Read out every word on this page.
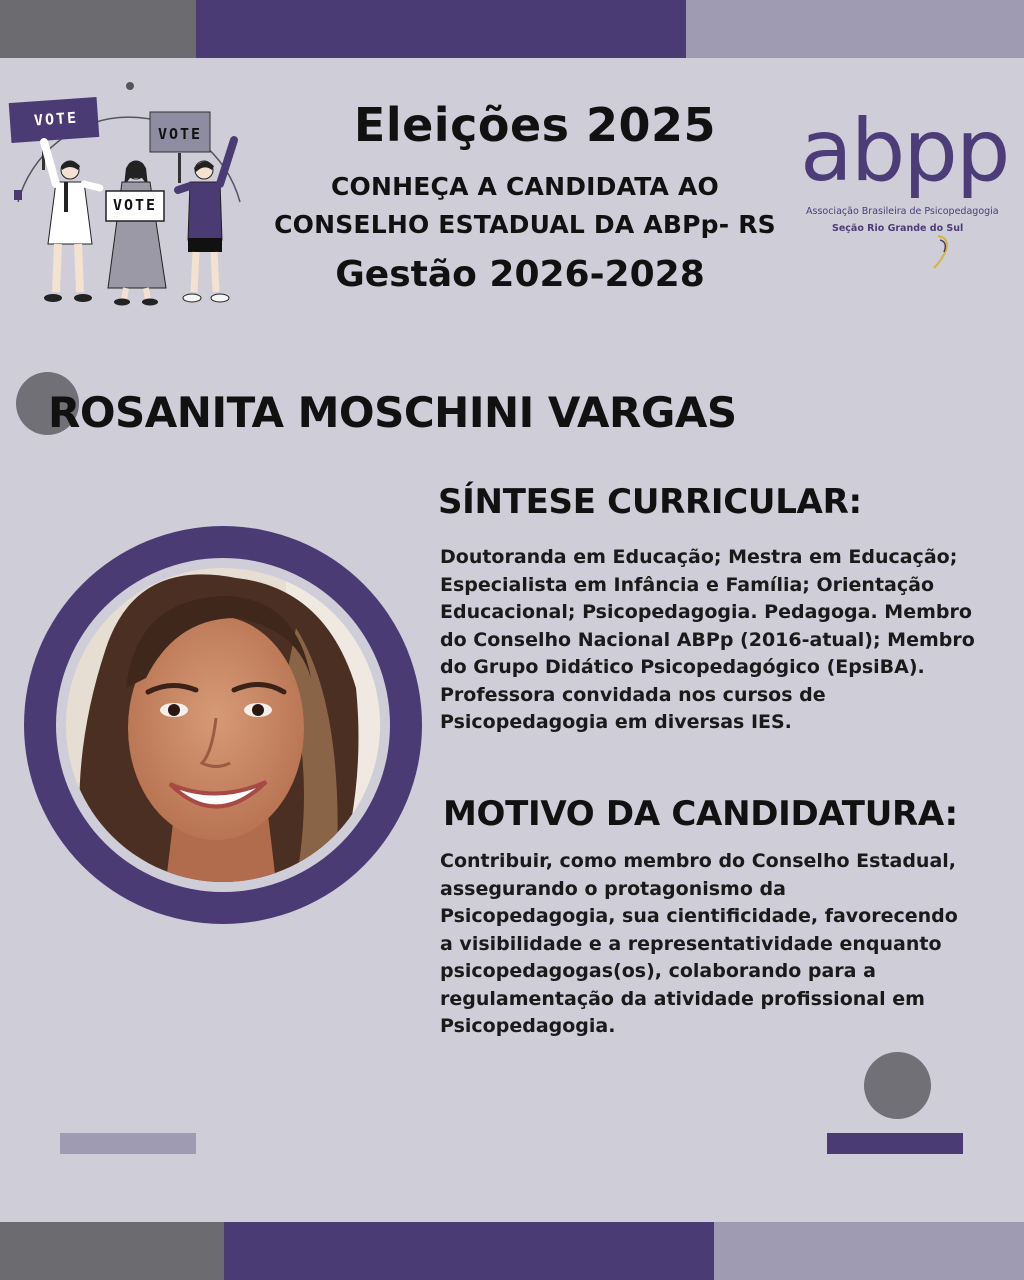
VOTE
VOTE
VOTE	Eleições 2025
CONHEÇA A CANDIDATA AO
CONSELHO ESTADUAL DA ABPp- RS
Gestão 2026-2028
abpp
Associação Brasileira de Psicopedagogia
Seção Rio Grande do Sul
ROSANITA MOSCHINI VARGAS
SÍNTESE CURRICULAR:
Doutoranda em Educação; Mestra em Educação; Especialista em Infância e Família; Orientação Educacional; Psicopedagogia. Pedagoga. Membro do Conselho Nacional ABPp (2016-atual); Membro do Grupo Didático Psicopedagógico (EpsiBA). Professora convidada nos cursos de Psicopedagogia em diversas IES.
MOTIVO DA CANDIDATURA:
Contribuir, como membro do Conselho Estadual, assegurando o protagonismo da Psicopedagogia, sua cientificidade, favorecendo a visibilidade e a representatividade enquanto psicopedagogas(os), colaborando para a regulamentação da atividade profissional em Psicopedagogia.
